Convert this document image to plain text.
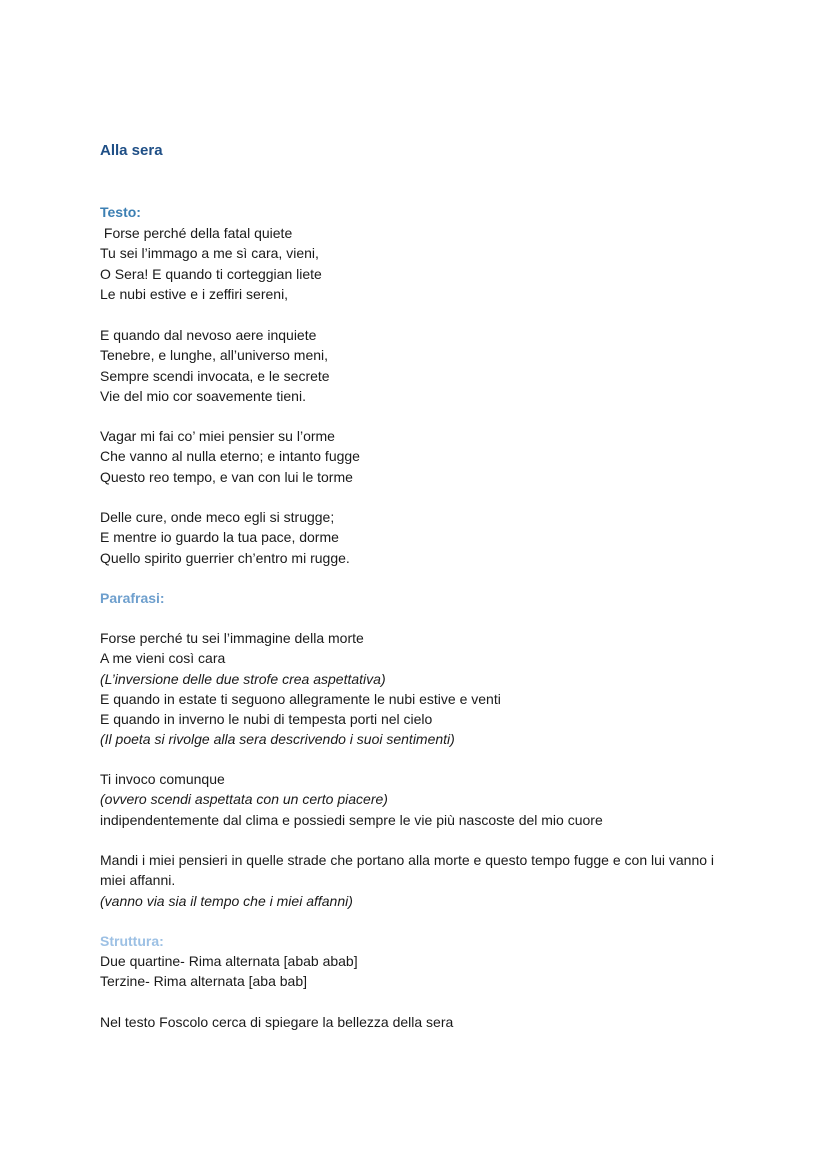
Alla sera
Testo:
Forse perché della fatal quiete
Tu sei l’immago a me sì cara, vieni,
O Sera! E quando ti corteggian liete
Le nubi estive e i zeffiri sereni,
E quando dal nevoso aere inquiete
Tenebre, e lunghe, all’universo meni,
Sempre scendi invocata, e le secrete
Vie del mio cor soavemente tieni.
Vagar mi fai co’ miei pensier su l’orme
Che vanno al nulla eterno; e intanto fugge
Questo reo tempo, e van con lui le torme
Delle cure, onde meco egli si strugge;
E mentre io guardo la tua pace, dorme
Quello spirito guerrier ch’entro mi rugge.
Parafrasi:
Forse perché tu sei l’immagine della morte
A me vieni così cara
(L’inversione delle due strofe crea aspettativa)
E quando in estate ti seguono allegramente le nubi estive e venti
E quando in inverno le nubi di tempesta porti nel cielo
(Il poeta si rivolge alla sera descrivendo i suoi sentimenti)
Ti invoco comunque
(ovvero scendi aspettata con un certo piacere)
indipendentemente dal clima e possiedi sempre le vie più nascoste del mio cuore
Mandi i miei pensieri in quelle strade che portano alla morte e questo tempo fugge e con lui vanno i miei affanni.
(vanno via sia il tempo che i miei affanni)
Struttura:
Due quartine- Rima alternata [abab abab]
Terzine- Rima alternata [aba bab]
Nel testo Foscolo cerca di spiegare la bellezza della sera
